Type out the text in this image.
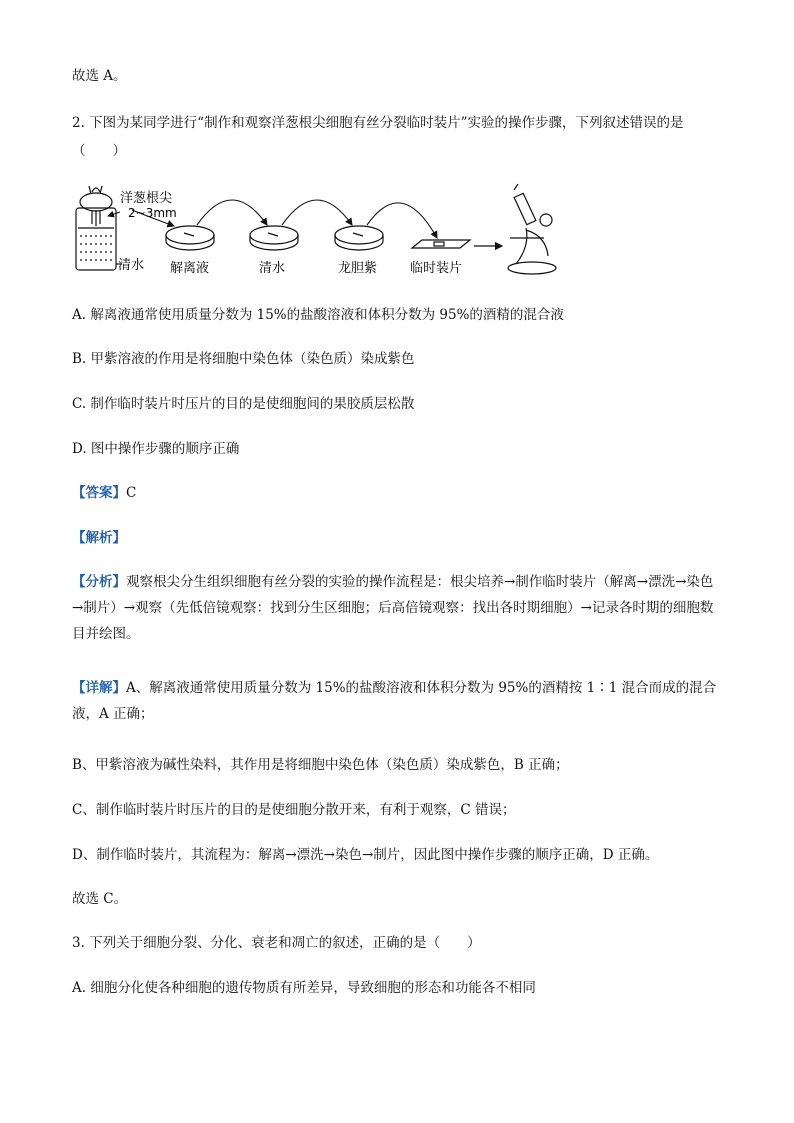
故选 A。
2. 下图为某同学进行“制作和观察洋葱根尖细胞有丝分裂临时装片”实验的操作步骤，下列叙述错误的是
（　　）
洋葱根尖
2~3mm
清水 解离液	清水	龙胆紫	临时装片
A. 解离液通常使用质量分数为 15%的盐酸溶液和体积分数为 95%的酒精的混合液
B. 甲紫溶液的作用是将细胞中染色体（染色质）染成紫色
C. 制作临时装片时压片的目的是使细胞间的果胶质层松散
D. 图中操作步骤的顺序正确
【答案】C
【解析】
【分析】观察根尖分生组织细胞有丝分裂的实验的操作流程是：根尖培养→制作临时装片（解离→漂洗→染色→制片）→观察（先低倍镜观察：找到分生区细胞；后高倍镜观察：找出各时期细胞）→记录各时期的细胞数目并绘图。
【详解】A、解离液通常使用质量分数为 15%的盐酸溶液和体积分数为 95%的酒精按 1∶1 混合而成的混合液，A 正确；
B、甲紫溶液为碱性染料，其作用是将细胞中染色体（染色质）染成紫色，B 正确；
C、制作临时装片时压片的目的是使细胞分散开来，有利于观察，C 错误；
D、制作临时装片，其流程为：解离→漂洗→染色→制片，因此图中操作步骤的顺序正确，D 正确。
故选 C。
3. 下列关于细胞分裂、分化、衰老和凋亡的叙述，正确的是（　　）
A. 细胞分化使各种细胞的遗传物质有所差异，导致细胞的形态和功能各不相同
